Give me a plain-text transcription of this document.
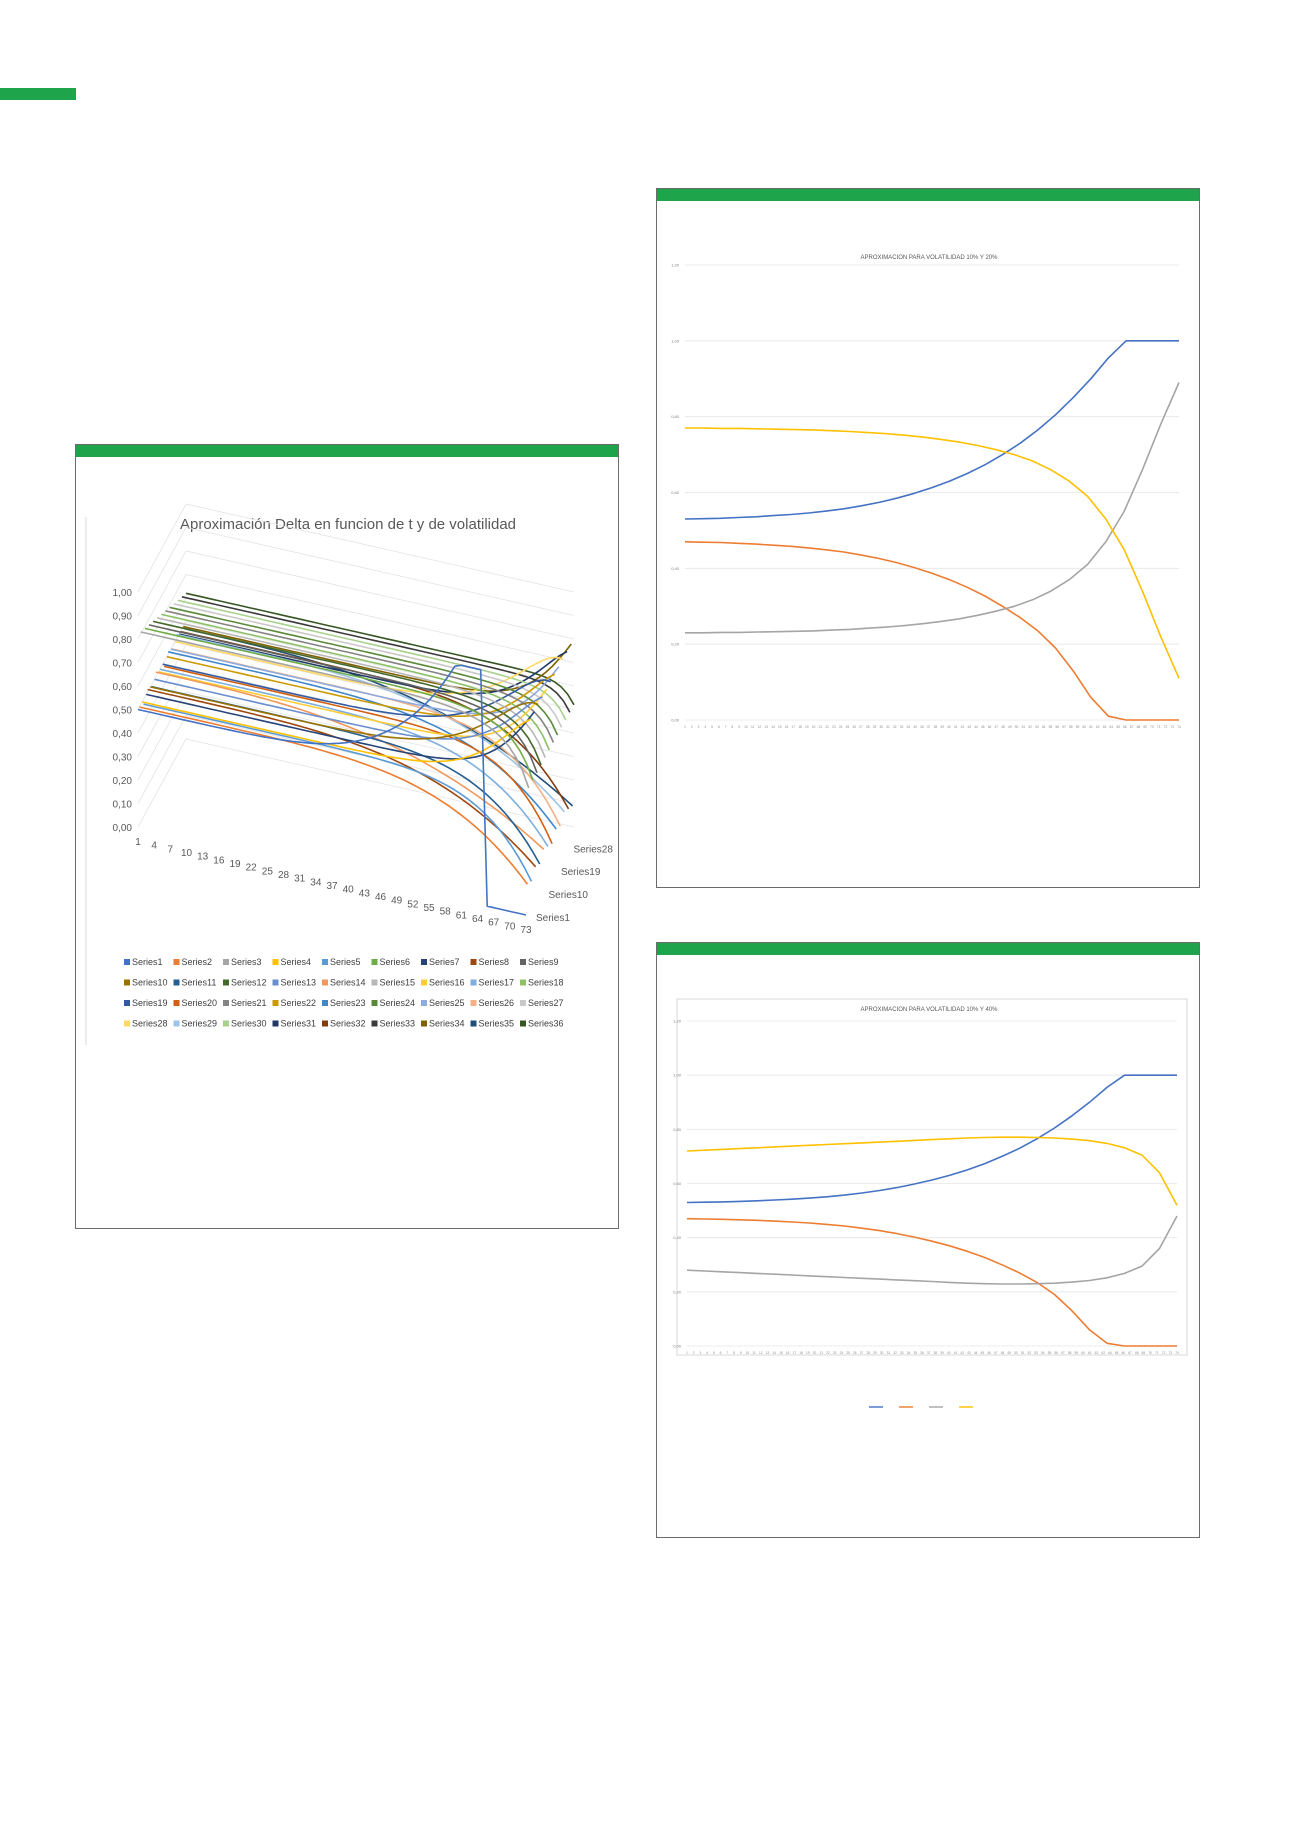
Aproximación Delta en funcion de t y de volatilidad
1,00
0,90
0,80
0,70
0,60
0,50
0,40
0,30
0,20
0,10
0,00
1 4 7 10 13 16 19 22 25 28 31 34 37 40 43 46 49 52 55 58 61 64 67 70 73
Series28
Series19
Series10
Series1
Series1 Series2 Series3 Series4 Series5 Series6 Series7 Series8 Series9
Series10 Series11 Series12 Series13 Series14 Series15 Series16 Series17 Series18
Series19 Series20 Series21 Series22 Series23 Series24 Series25 Series26 Series27
Series28 Series29 Series30 Series31 Series32 Series33 Series34 Series35 Series36
APROXIMACION PARA VOLATILIDAD 10% Y 20%
0,00
0,20
0,40
0,60
0,80
1,00
1,20
1 2 3 4 5 6 7 8 9 10 11 12 13 14 15 16 17 18 19 20 21 22 23 24 25 26 27 28 29 30 31 32 33 34 35 36 37 38 39 40 41 42 43 44 45 46 47 48 49 50 51 52 53 54 55 56 57 58 59 60 61 62 63 64 65 66 67 68 69 70 71 72 73 74
APROXIMACION PARA VOLATILIDAD 10% Y 40%
0,00
0,20
0,40
0,60
0,80
1,00
1,20
1 2 3 4 5 6 7 8 9 10 11 12 13 14 15 16 17 18 19 20 21 22 23 24 25 26 27 28 29 30 31 32 33 34 35 36 37 38 39 40 41 42 43 44 45 46 47 48 49 50 51 52 53 54 55 56 57 58 59 60 61 62 63 64 65 66 67 68 69 70 71 72 73 74
